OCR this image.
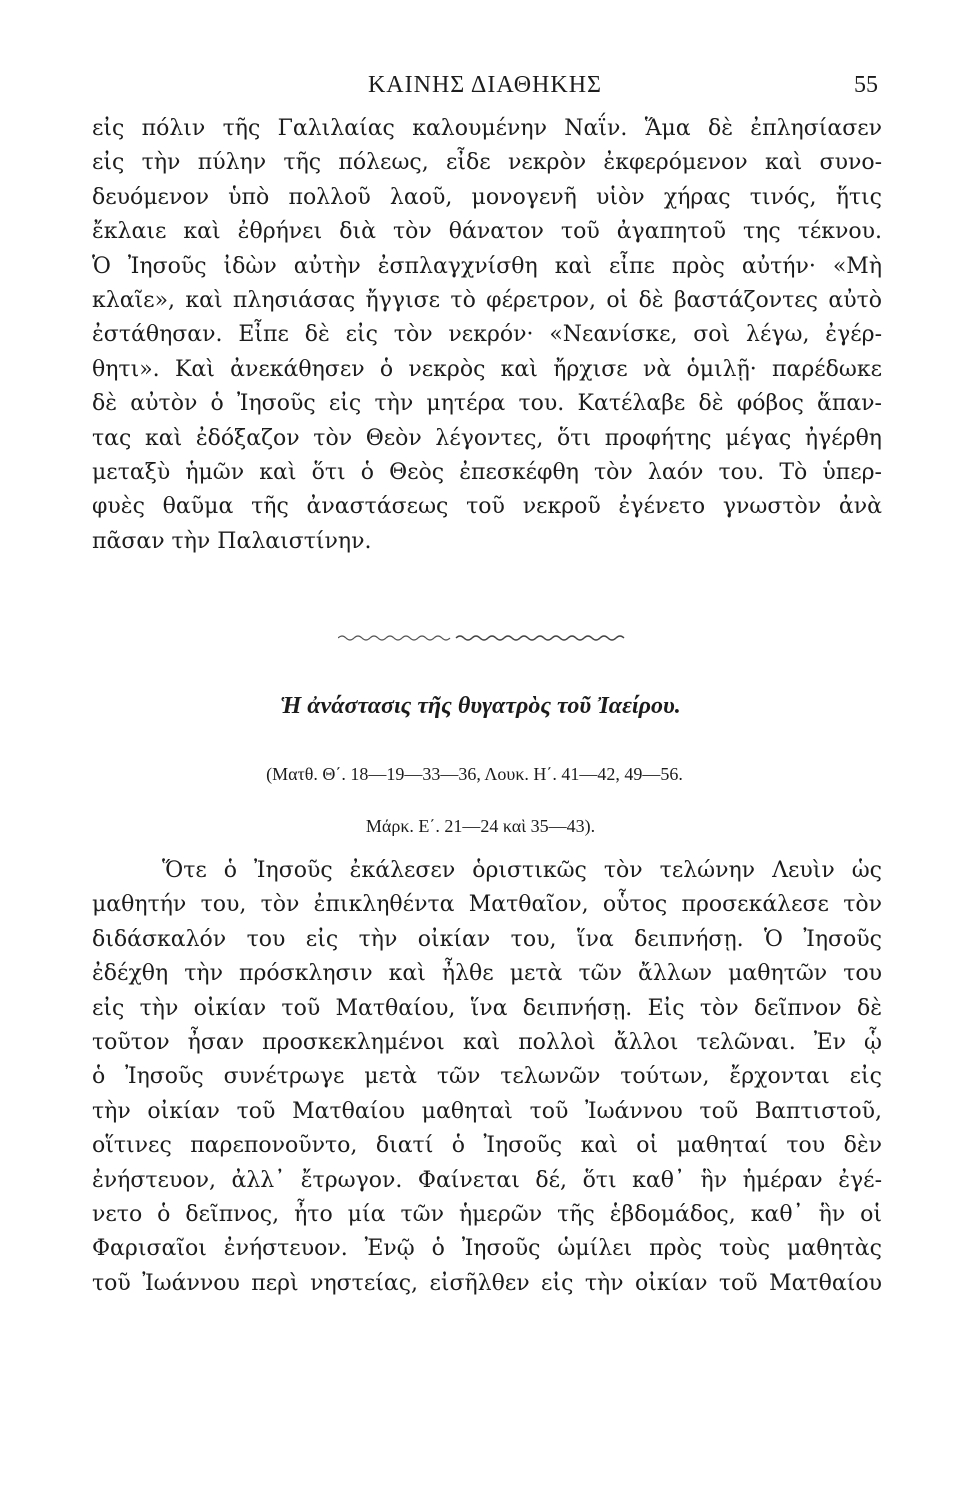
ΚΑΙΝΗΣ ΔΙΑΘΗΚΗΣ	55
εἰς πόλιν τῆς Γαλιλαίας καλουμένην Ναΐν. Ἅμα δὲ ἐπλησίασεν
εἰς τὴν πύλην τῆς πόλεως, εἶδε νεκρὸν ἐκφερόμενον καὶ συνο-
δευόμενον ὑπὸ πολλοῦ λαοῦ, μονογενῆ υἱὸν χήρας τινός, ἥτις
ἔκλαιε καὶ ἐθρήνει διὰ τὸν θάνατον τοῦ ἀγαπητοῦ της τέκνου.
Ὁ Ἰησοῦς ἰδὼν αὐτὴν ἐσπλαγχνίσθη καὶ εἶπε πρὸς αὐτήν· «Μὴ
κλαῖε», καὶ πλησιάσας ἤγγισε τὸ φέρετρον, οἱ δὲ βαστάζοντες αὐτὸ
ἐστάθησαν. Εἶπε δὲ εἰς τὸν νεκρόν· «Νεανίσκε, σοὶ λέγω, ἐγέρ-
θητι». Καὶ ἀνεκάθησεν ὁ νεκρὸς καὶ ἤρχισε νὰ ὁμιλῇ· παρέδωκε
δὲ αὐτὸν ὁ Ἰησοῦς εἰς τὴν μητέρα του. Κατέλαβε δὲ φόβος ἅπαν-
τας καὶ ἐδόξαζον τὸν Θεὸν λέγοντες, ὅτι προφήτης μέγας ἠγέρθη
μεταξὺ ἡμῶν καὶ ὅτι ὁ Θεὸς ἐπεσκέφθη τὸν λαόν του. Τὸ ὑπερ-
φυὲς θαῦμα τῆς ἀναστάσεως τοῦ νεκροῦ ἐγένετο γνωστὸν ἀνὰ
πᾶσαν τὴν Παλαιστίνην.
Ἡ ἀνάστασις τῆς θυγατρὸς τοῦ Ἰαείρου.
(Ματθ. Θ΄. 18—19—33—36, Λουκ. Η΄. 41—42, 49—56.
Μάρκ. Ε΄. 21—24 καὶ 35—43).
Ὅτε ὁ Ἰησοῦς ἐκάλεσεν ὁριστικῶς τὸν τελώνην Λευὶν ὡς
μαθητήν του, τὸν ἐπικληθέντα Ματθαῖον, οὗτος προσεκάλεσε τὸν
διδάσκαλόν του εἰς τὴν οἰκίαν του, ἵνα δειπνήσῃ. Ὁ Ἰησοῦς
ἐδέχθη τὴν πρόσκλησιν καὶ ἦλθε μετὰ τῶν ἄλλων μαθητῶν του
εἰς τὴν οἰκίαν τοῦ Ματθαίου, ἵνα δειπνήσῃ. Εἰς τὸν δεῖπνον δὲ
τοῦτον ἦσαν προσκεκλημένοι καὶ πολλοὶ ἄλλοι τελῶναι. Ἐν ᾧ
ὁ Ἰησοῦς συνέτρωγε μετὰ τῶν τελωνῶν τούτων, ἔρχονται εἰς
τὴν οἰκίαν τοῦ Ματθαίου μαθηταὶ τοῦ Ἰωάννου τοῦ Βαπτιστοῦ,
οἵτινες παρεπονοῦντο, διατί ὁ Ἰησοῦς καὶ οἱ μαθηταί του δὲν
ἐνήστευον, ἀλλ᾽ ἔτρωγον. Φαίνεται δέ, ὅτι καθ᾽ ἣν ἡμέραν ἐγέ-
νετο ὁ δεῖπνος, ἦτο μία τῶν ἡμερῶν τῆς ἑβδομάδος, καθ᾽ ἣν οἱ
Φαρισαῖοι ἐνήστευον. Ἐνῷ ὁ Ἰησοῦς ὡμίλει πρὸς τοὺς μαθητὰς
τοῦ Ἰωάννου περὶ νηστείας, εἰσῆλθεν εἰς τὴν οἰκίαν τοῦ Ματθαίου
